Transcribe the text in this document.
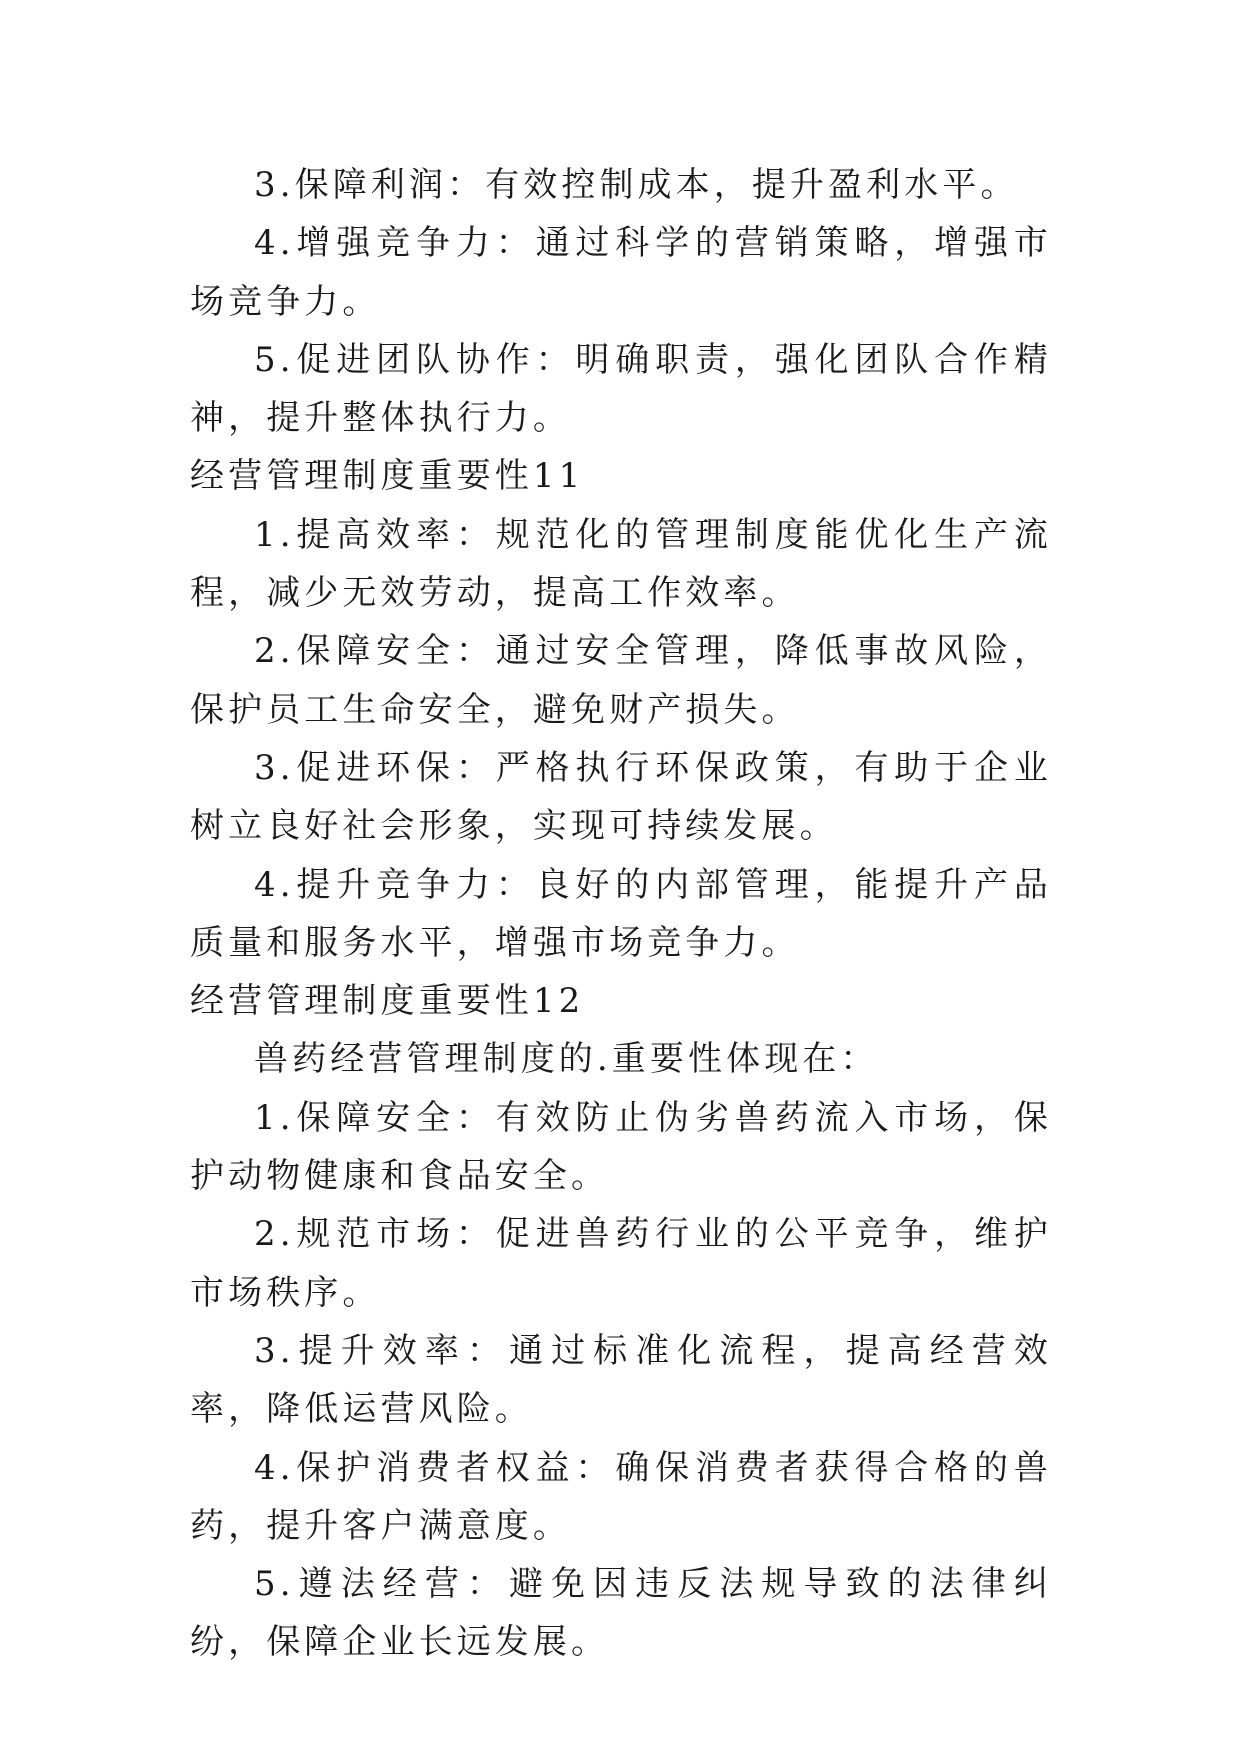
3.保障利润：有效控制成本，提升盈利水平。

4.增强竞争力：通过科学的营销策略，增强市场竞争力。

5.促进团队协作：明确职责，强化团队合作精神，提升整体执行力。

经营管理制度重要性11

1.提高效率：规范化的管理制度能优化生产流程，减少无效劳动，提高工作效率。

2.保障安全：通过安全管理，降低事故风险，保护员工生命安全，避免财产损失。

3.促进环保：严格执行环保政策，有助于企业树立良好社会形象，实现可持续发展。

4.提升竞争力：良好的内部管理，能提升产品质量和服务水平，增强市场竞争力。

经营管理制度重要性12

兽药经营管理制度的.重要性体现在：

1.保障安全：有效防止伪劣兽药流入市场，保护动物健康和食品安全。

2.规范市场：促进兽药行业的公平竞争，维护市场秩序。

3.提升效率：通过标准化流程，提高经营效率，降低运营风险。

4.保护消费者权益：确保消费者获得合格的兽药，提升客户满意度。

5.遵法经营：避免因违反法规导致的法律纠纷，保障企业长远发展。
